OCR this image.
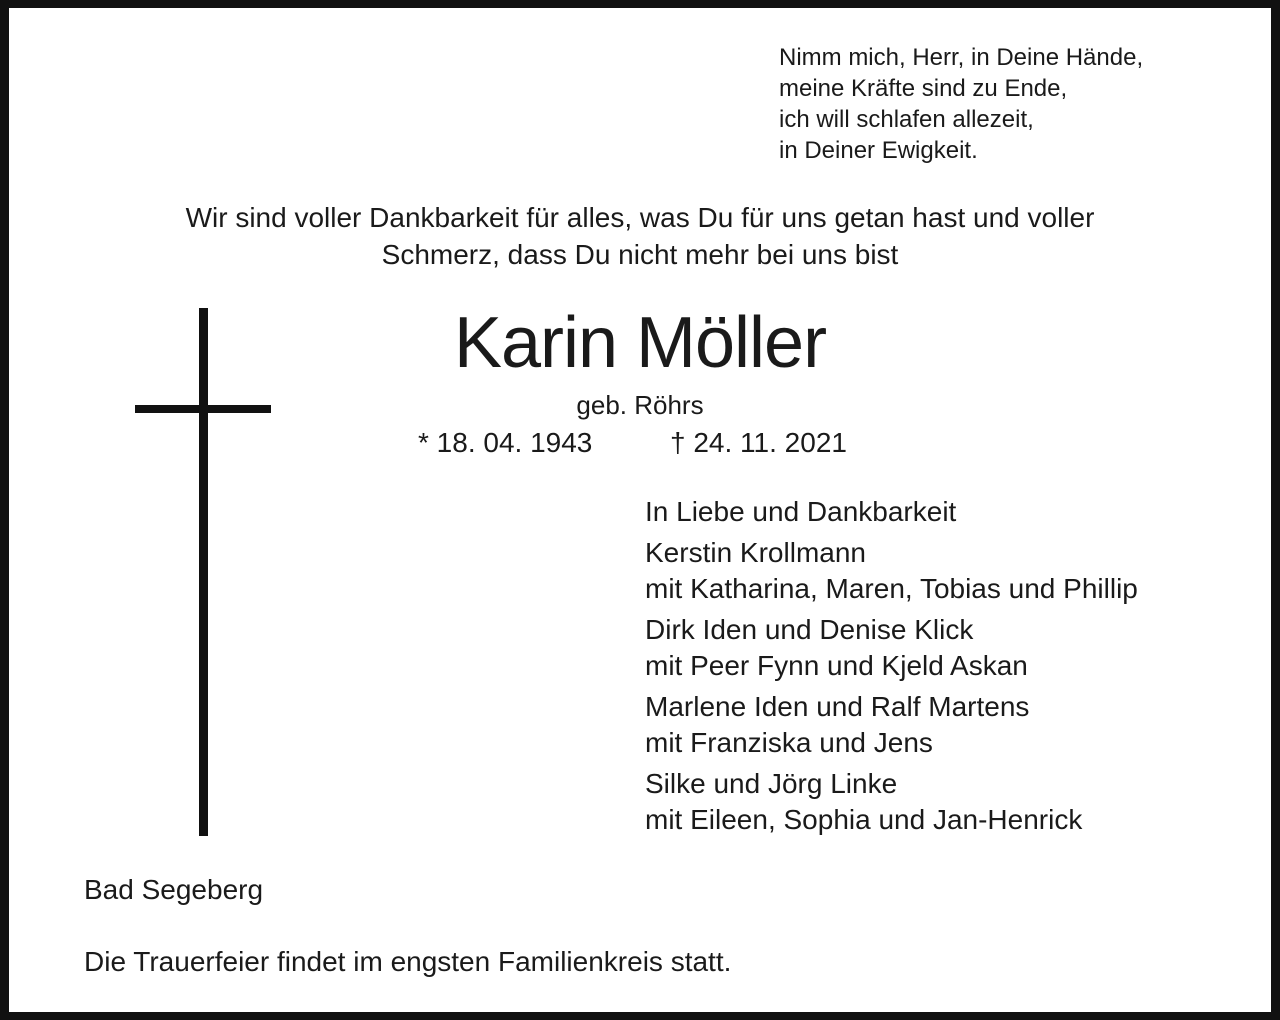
Nimm mich, Herr, in Deine Hände,
meine Kräfte sind zu Ende,
ich will schlafen allezeit,
in Deiner Ewigkeit.
Wir sind voller Dankbarkeit für alles, was Du für uns getan hast und voller
Schmerz, dass Du nicht mehr bei uns bist
Karin Möller
geb. Röhrs
* 18. 04. 1943	† 24. 11. 2021
In Liebe und Dankbarkeit
Kerstin Krollmann
mit Katharina, Maren, Tobias und Phillip
Dirk Iden und Denise Klick
mit Peer Fynn und Kjeld Askan
Marlene Iden und Ralf Martens
mit Franziska und Jens
Silke und Jörg Linke
mit Eileen, Sophia und Jan-Henrick
Bad Segeberg
Die Trauerfeier findet im engsten Familienkreis statt.
